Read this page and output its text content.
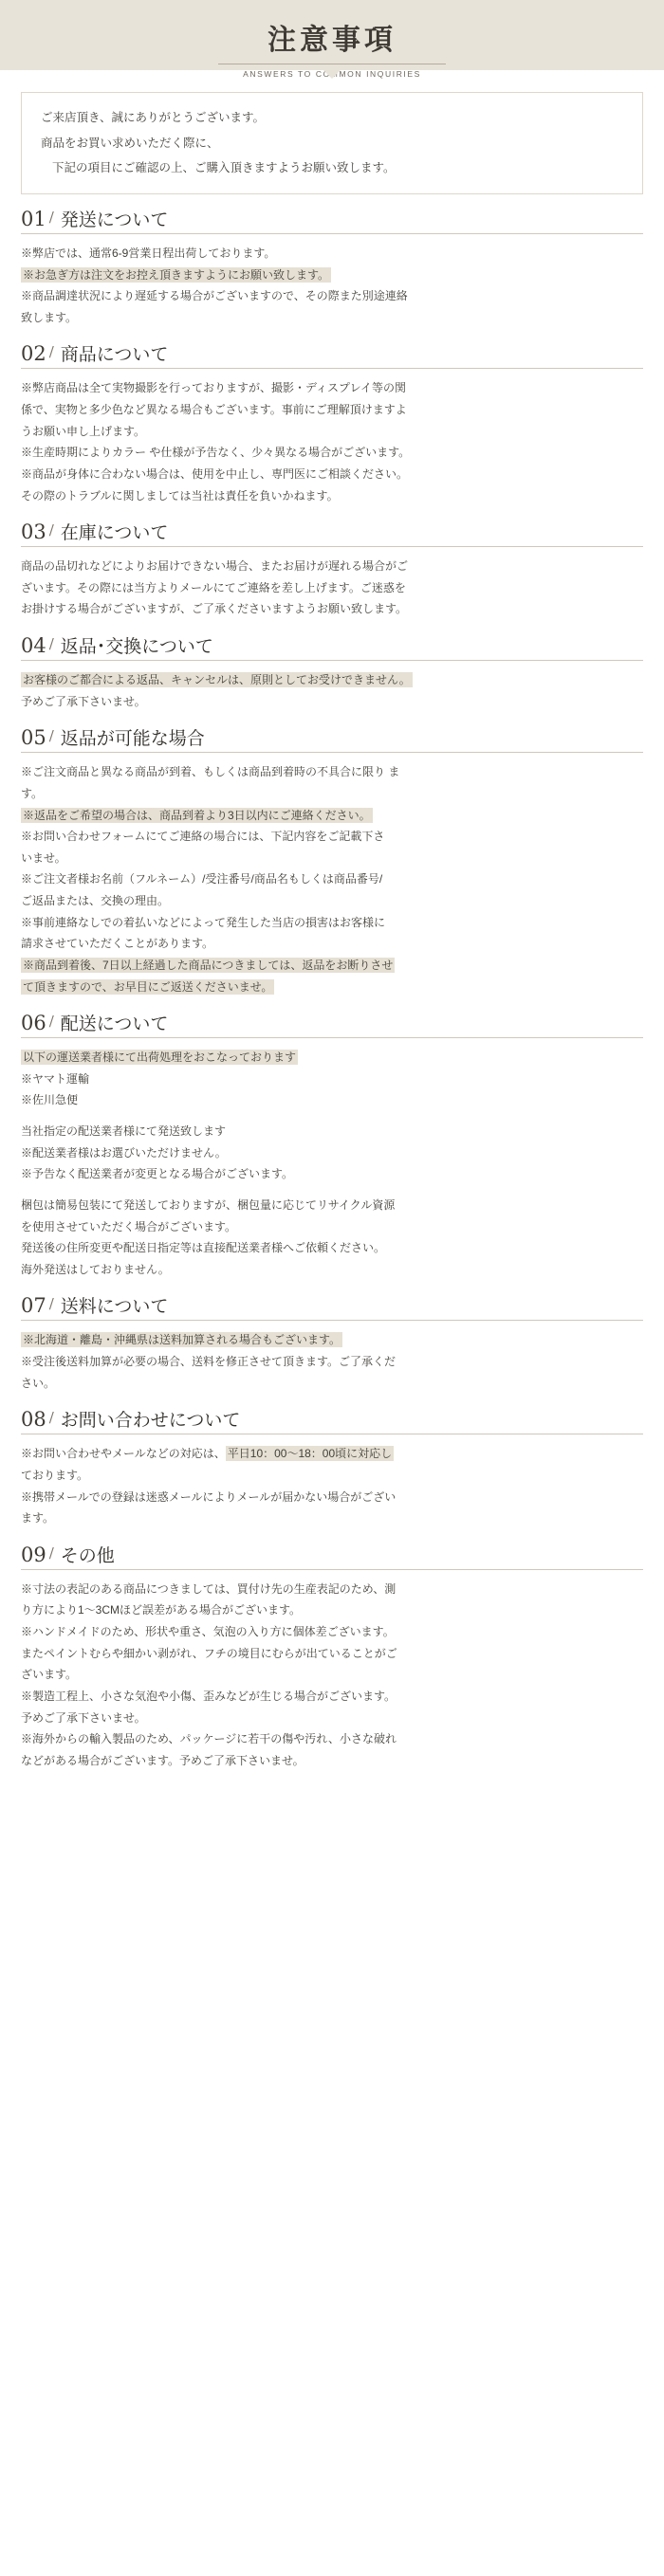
注意事項
ANSWERS TO COMMON INQUIRIES

ご来店頂き、誠にありがとうございます。

商品をお買い求めいただく際に、

下記の項目にご確認の上、ご購入頂きますようお願い致します。

01 / 発送について

※弊店では、通常6-9営業日程出荷しております。

※お急ぎ方は注文をお控え頂きますようにお願い致します。

※商品調達状況により遅延する場合がございますので、その際また別途連絡

致します。

02 / 商品について

※弊店商品は全て実物撮影を行っておりますが、撮影・ディスプレイ等の関

係で、実物と多少色など異なる場合もございます。事前にご理解頂けますよ

うお願い申し上げます。

※生産時期によりカラー や仕様が予告なく、少々異なる場合がございます。

※商品が身体に合わない場合は、使用を中止し、専門医にご相談ください。

その際のトラブルに関しましては当社は責任を負いかねます。

03 / 在庫について

商品の品切れなどによりお届けできない場合、またお届けが遅れる場合がご

ざいます。その際には当方よりメールにてご連絡を差し上げます。ご迷惑を

お掛けする場合がございますが、ご了承くださいますようお願い致します。

04 / 返品･交換について

お客様のご都合による返品、キャンセルは、原則としてお受けできません。

予めご了承下さいませ。

05 / 返品が可能な場合

※ご注文商品と異なる商品が到着、もしくは商品到着時の不具合に限り ま

す。

※返品をご希望の場合は、商品到着より3日以内にご連絡ください。

※お問い合わせフォームにてご連絡の場合には、下記内容をご記載下さ

いませ。

※ご注文者様お名前（フルネーム）/受注番号/商品名もしくは商品番号/

ご返品または、交換の理由。

※事前連絡なしでの着払いなどによって発生した当店の損害はお客様に

請求させていただくことがあります。

※商品到着後、7日以上経過した商品につきましては、返品をお断りさせ

て頂きますので、お早目にご返送くださいませ。

06 / 配送について

以下の運送業者様にて出荷処理をおこなっております

※ヤマト運輸

※佐川急便

当社指定の配送業者様にて発送致します

※配送業者様はお選びいただけません。

※予告なく配送業者が変更となる場合がございます。

梱包は簡易包装にて発送しておりますが、梱包量に応じてリサイクル資源

を使用させていただく場合がございます。

発送後の住所変更や配送日指定等は直接配送業者様へご依頼ください。

海外発送はしておりません。

07 / 送料について

※北海道・離島・沖縄県は送料加算される場合もございます。

※受注後送料加算が必要の場合、送料を修正させて頂きます。ご了承くだ

さい。

08 / お問い合わせについて

※お問い合わせやメールなどの対応は、 平日10：00～18：00頃に対応し

ております。

※携帯メールでの登録は迷惑メールによりメールが届かない場合がござい

ます。

09 / その他

※寸法の表記のある商品につきましては、買付け先の生産表記のため、測

り方により1～3CMほど誤差がある場合がございます。

※ハンドメイドのため、形状や重さ、気泡の入り方に個体差ございます。

またペイントむらや細かい剥がれ、フチの境目にむらが出ていることがご

ざいます。

※製造工程上、小さな気泡や小傷、歪みなどが生じる場合がございます。

予めご了承下さいませ。

※海外からの輸入製品のため、パッケージに若干の傷や汚れ、小さな破れ

などがある場合がございます。予めご了承下さいませ。
